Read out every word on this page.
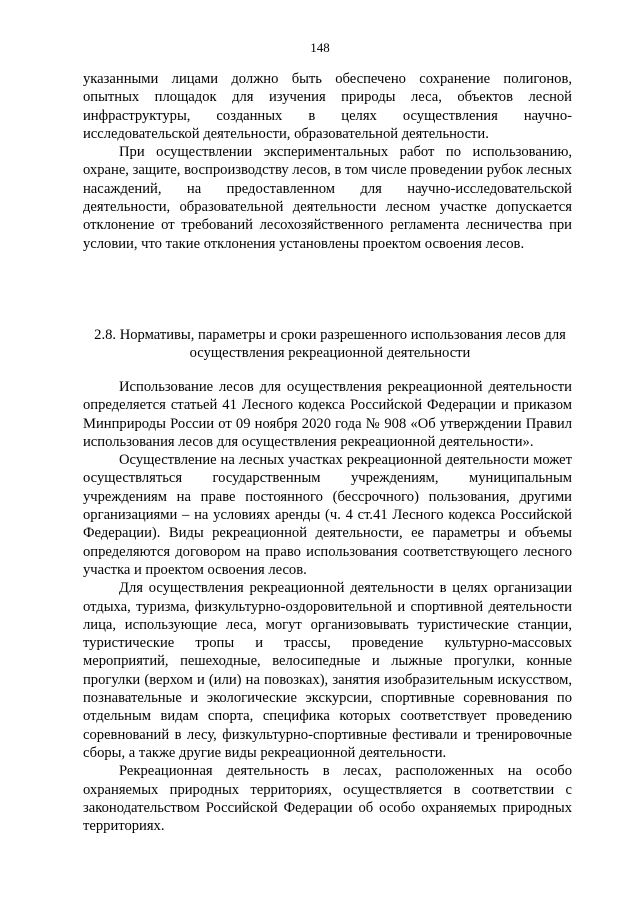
148

указанными лицами должно быть обеспечено сохранение полигонов, опытных площадок для изучения природы леса, объектов лесной инфраструктуры, созданных в целях осуществления научно-исследовательской деятельности, образовательной деятельности.

При осуществлении экспериментальных работ по использованию, охране, защите, воспроизводству лесов, в том числе проведении рубок лесных насаждений, на предоставленном для научно-исследовательской деятельности, образовательной деятельности лесном участке допускается отклонение от требований лесохозяйственного регламента лесничества при условии, что такие отклонения установлены проектом освоения лесов.

2.8. Нормативы, параметры и сроки разрешенного использования лесов для осуществления рекреационной деятельности

Использование лесов для осуществления рекреационной деятельности определяется статьей 41 Лесного кодекса Российской Федерации и приказом Минприроды России от 09 ноября 2020 года № 908 «Об утверждении Правил использования лесов для осуществления рекреационной деятельности».

Осуществление на лесных участках рекреационной деятельности может осуществляться государственным учреждениям, муниципальным учреждениям на праве постоянного (бессрочного) пользования, другими организациями – на условиях аренды (ч. 4 ст.41 Лесного кодекса Российской Федерации). Виды рекреационной деятельности, ее параметры и объемы определяются договором на право использования соответствующего лесного участка и проектом освоения лесов.

Для осуществления рекреационной деятельности в целях организации отдыха, туризма, физкультурно-оздоровительной и спортивной деятельности лица, использующие леса, могут организовывать туристические станции, туристические тропы и трассы, проведение культурно-массовых мероприятий, пешеходные, велосипедные и лыжные прогулки, конные прогулки (верхом и (или) на повозках), занятия изобразительным искусством, познавательные и экологические экскурсии, спортивные соревнования по отдельным видам спорта, специфика которых соответствует проведению соревнований в лесу, физкультурно-спортивные фестивали и тренировочные сборы, а также другие виды рекреационной деятельности.

Рекреационная деятельность в лесах, расположенных на особо охраняемых природных территориях, осуществляется в соответствии с законодательством Российской Федерации об особо охраняемых природных территориях.
